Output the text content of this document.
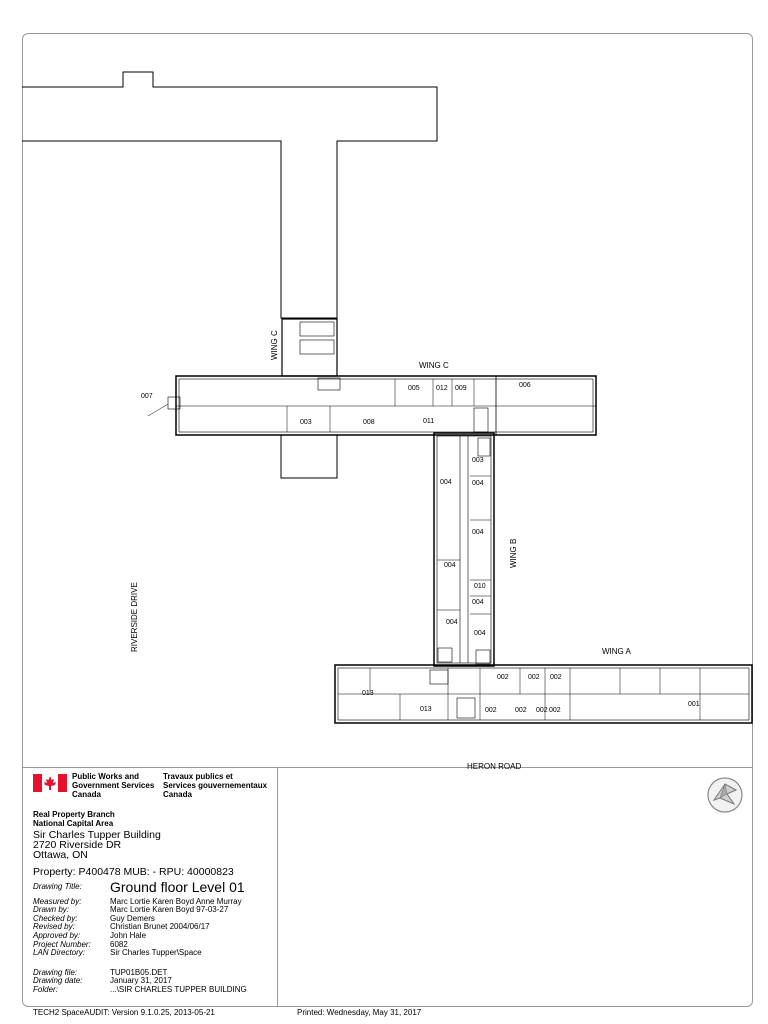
WING C
WING C
WING B
WING A
RIVERSIDE DRIVE
HERON ROAD
007
003	008
005 012 009	006
011
003
004	004
004
004
010
004
004
004
002	002 002
013
013	002	002 002 002
001
Public Works and
Government Services
Canada
Travaux publics et
Services gouvernementaux
Canada
Real Property Branch
National Capital Area
Sir Charles Tupper Building
2720 Riverside DR
Ottawa, ON
Property: P400478 MUB: - RPU: 40000823
Drawing Title: Ground floor Level 01
Measured by:	Marc Lortie Karen Boyd Anne Murray
Drawn by:	Marc Lortie Karen Boyd 97-03-27
Checked by:	Guy Demers
Revised by:	Christian Brunet 2004/06/17
Approved by:	John Hale
Project Number: 6082
LAN Directory:	Sir Charles Tupper\Space
Drawing file:	TUP01B05.DET
Drawing date:	January 31, 2017
Folder:	...\SIR CHARLES TUPPER BUILDING
TECH2 SpaceAUDIT: Version 9.1.0.25, 2013-05-21	Printed: Wednesday, May 31, 2017
